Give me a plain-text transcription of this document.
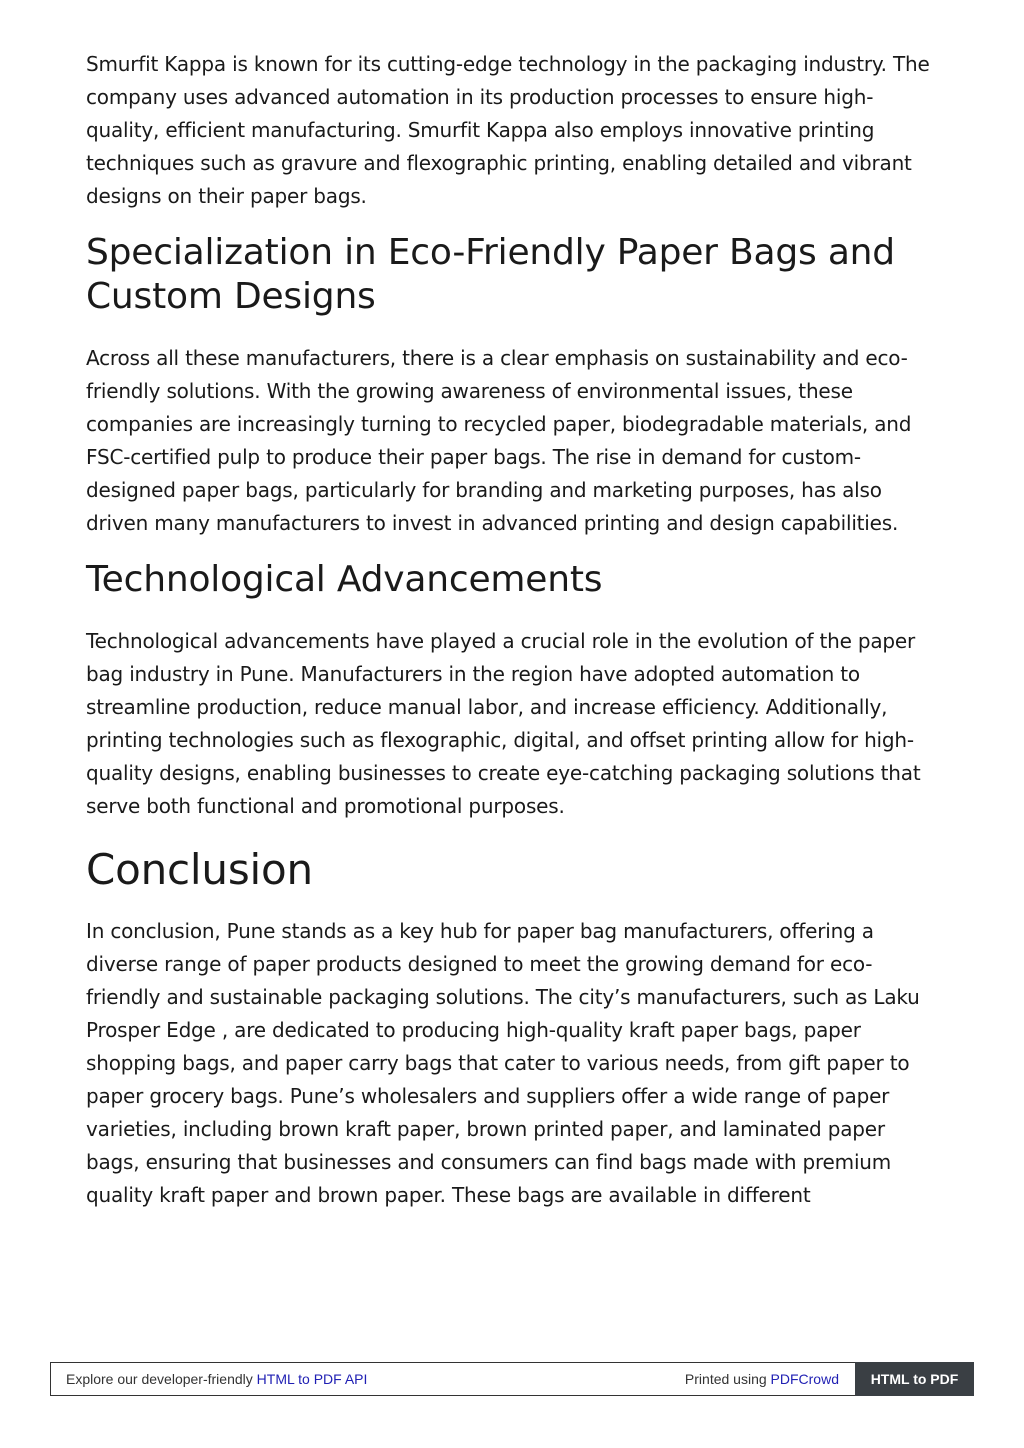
Smurfit Kappa is known for its cutting-edge technology in the packaging industry. The company uses advanced automation in its production processes to ensure high-quality, efficient manufacturing. Smurfit Kappa also employs innovative printing techniques such as gravure and flexographic printing, enabling detailed and vibrant designs on their paper bags.

Specialization in Eco-Friendly Paper Bags and Custom Designs

Across all these manufacturers, there is a clear emphasis on sustainability and eco-friendly solutions. With the growing awareness of environmental issues, these companies are increasingly turning to recycled paper, biodegradable materials, and FSC-certified pulp to produce their paper bags. The rise in demand for custom-designed paper bags, particularly for branding and marketing purposes, has also driven many manufacturers to invest in advanced printing and design capabilities.

Technological Advancements

Technological advancements have played a crucial role in the evolution of the paper bag industry in Pune. Manufacturers in the region have adopted automation to streamline production, reduce manual labor, and increase efficiency. Additionally, printing technologies such as flexographic, digital, and offset printing allow for high-quality designs, enabling businesses to create eye-catching packaging solutions that serve both functional and promotional purposes.

Conclusion

In conclusion, Pune stands as a key hub for paper bag manufacturers, offering a diverse range of paper products designed to meet the growing demand for eco-friendly and sustainable packaging solutions. The city’s manufacturers, such as Laku Prosper Edge , are dedicated to producing high-quality kraft paper bags, paper shopping bags, and paper carry bags that cater to various needs, from gift paper to paper grocery bags. Pune’s wholesalers and suppliers offer a wide range of paper varieties, including brown kraft paper, brown printed paper, and laminated paper bags, ensuring that businesses and consumers can find bags made with premium quality kraft paper and brown paper. These bags are available in different

Explore our developer-friendly HTML to PDF API	Printed using PDFCrowd	HTML to PDF
